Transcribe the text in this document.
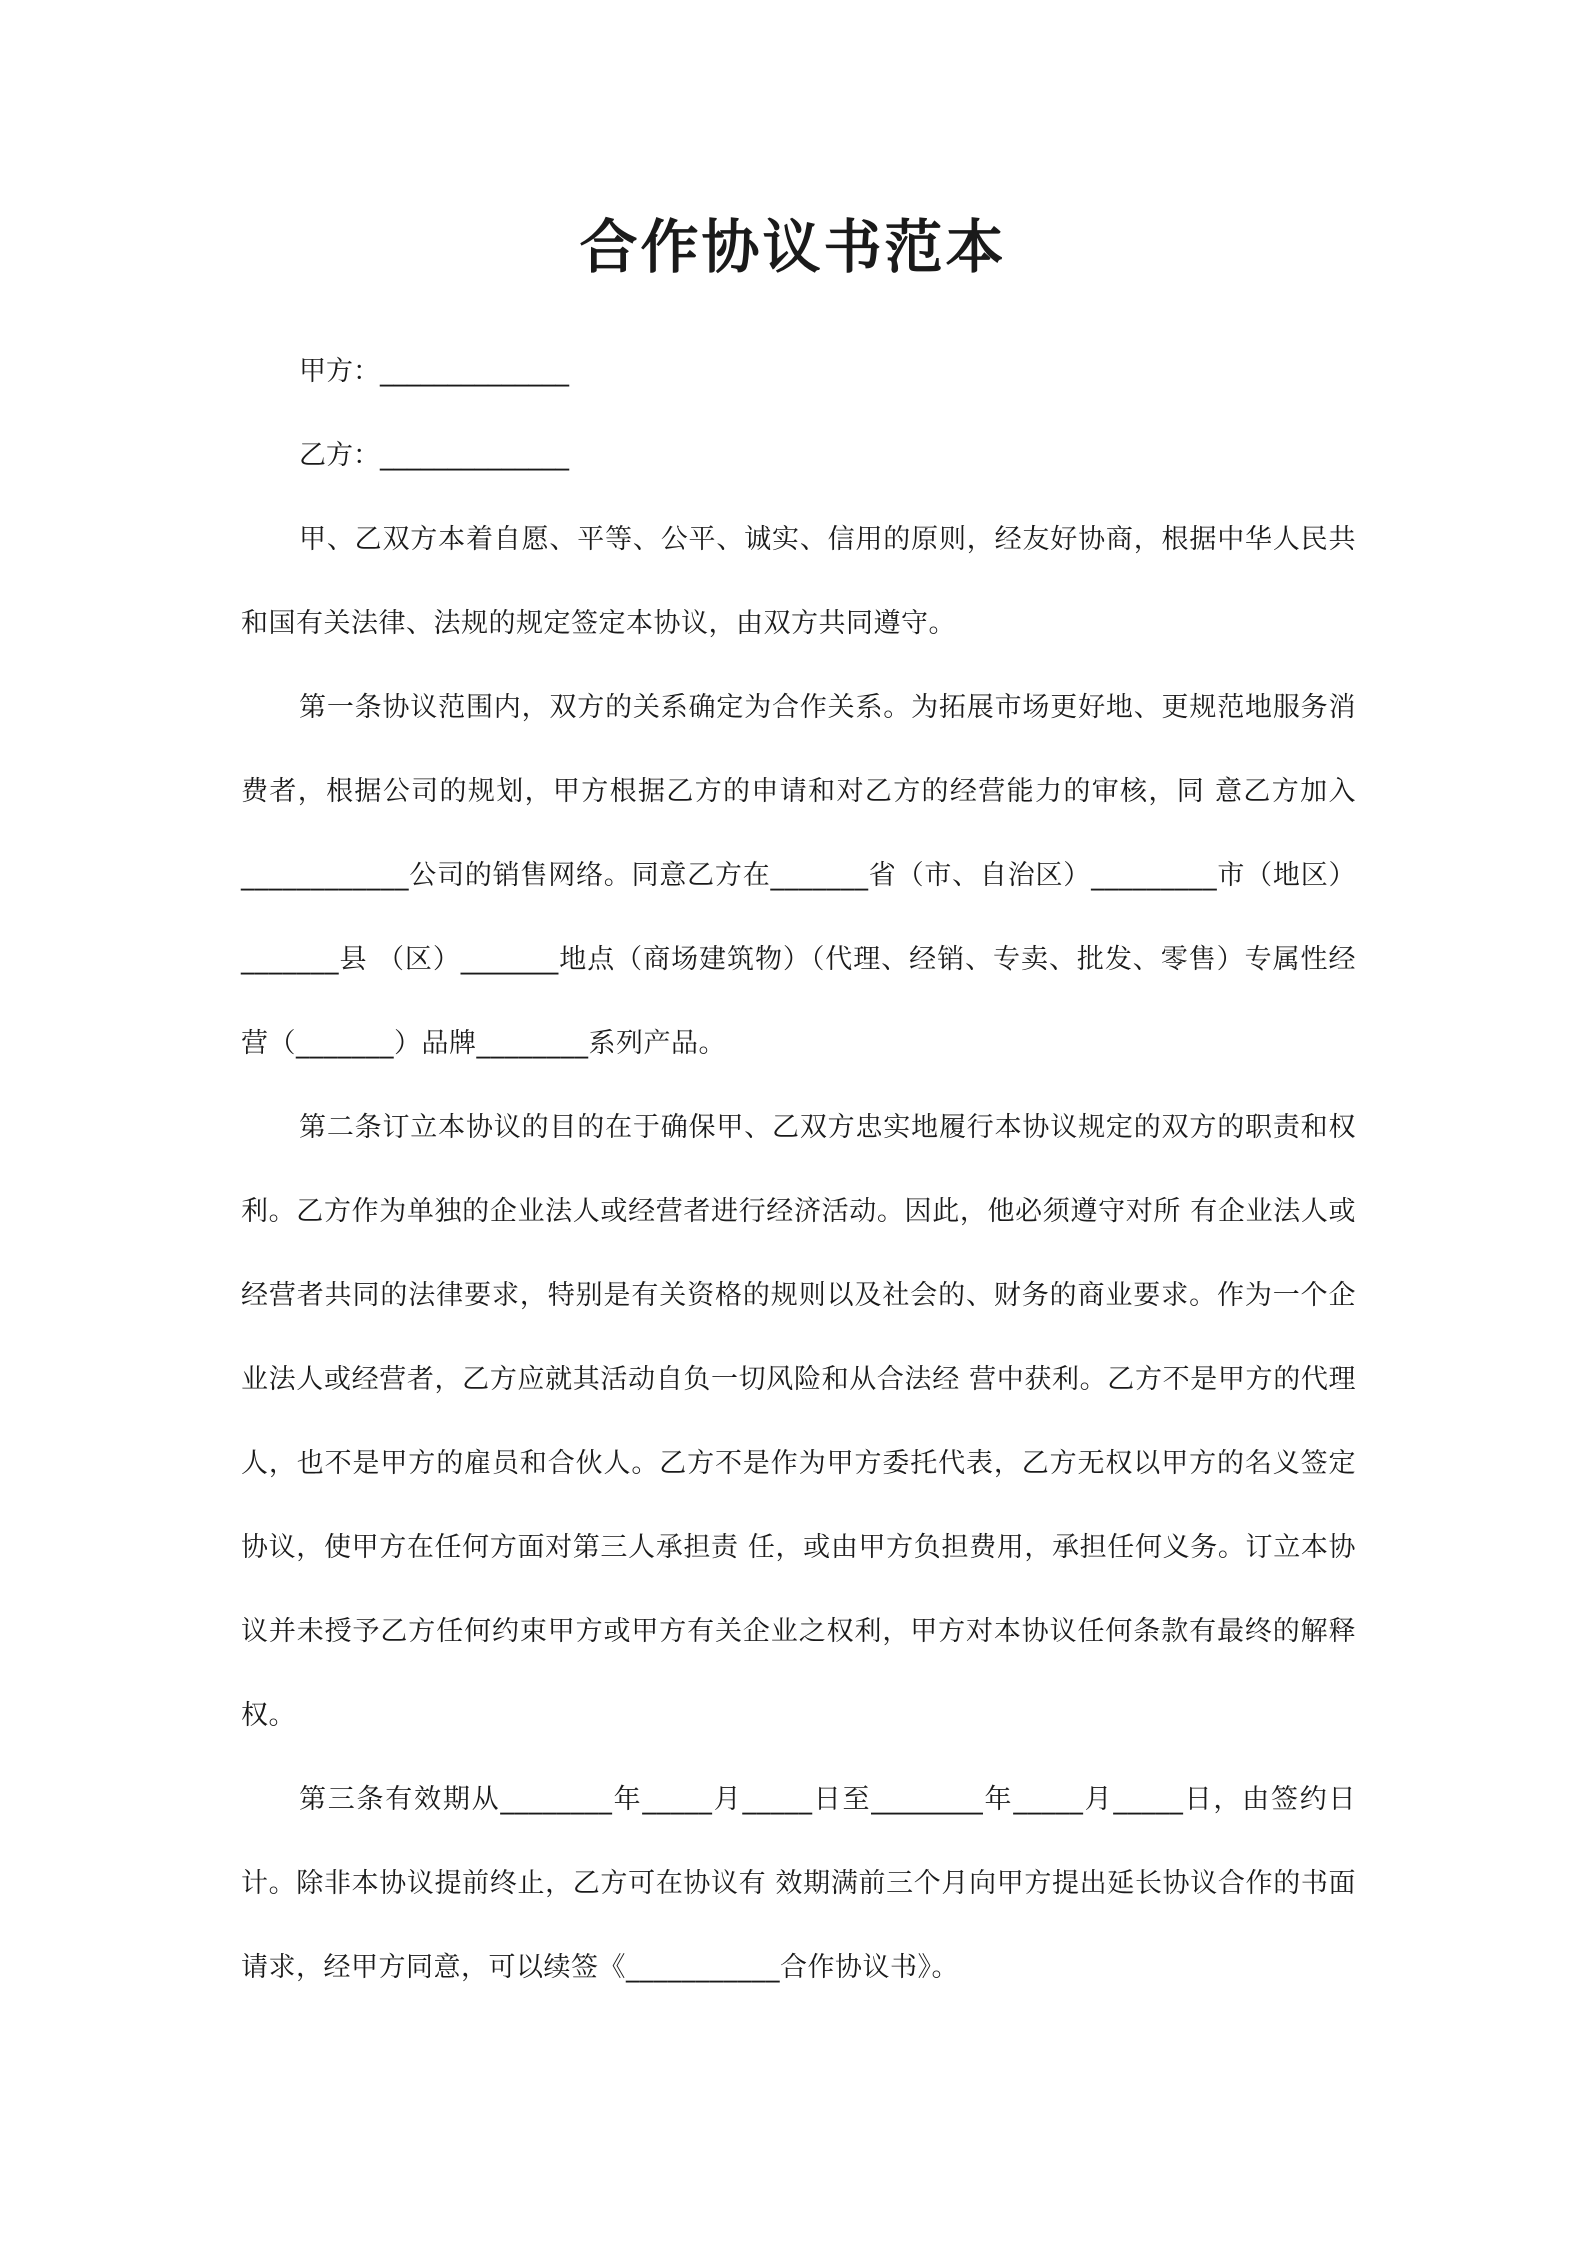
合作协议书范本

甲方：______________

乙方：______________

甲、乙双方本着自愿、平等、公平、诚实、信用的原则，经友好协商，根据中华人民共和国有关法律、法规的规定签定本协议，由双方共同遵守。

第一条协议范围内，双方的关系确定为合作关系。为拓展市场更好地、更规范地服务消费者，根据公司的规划，甲方根据乙方的申请和对乙方的经营能力的审核，同 意乙方加入____________公司的销售网络。同意乙方在_______省（市、自治区）_________市（地区）_______县 （区）_______地点（商场建筑物）（代理、经销、专卖、批发、零售）专属性经营（_______）品牌________系列产品。

第二条订立本协议的目的在于确保甲、乙双方忠实地履行本协议规定的双方的职责和权利。乙方作为单独的企业法人或经营者进行经济活动。因此，他必须遵守对所 有企业法人或经营者共同的法律要求，特别是有关资格的规则以及社会的、财务的商业要求。作为一个企业法人或经营者，乙方应就其活动自负一切风险和从合法经 营中获利。乙方不是甲方的代理人，也不是甲方的雇员和合伙人。乙方不是作为甲方委托代表，乙方无权以甲方的名义签定协议，使甲方在任何方面对第三人承担责 任，或由甲方负担费用，承担任何义务。订立本协议并未授予乙方任何约束甲方或甲方有关企业之权利，甲方对本协议任何条款有最终的解释权。

第三条有效期从________年_____月_____日至________年_____月_____日，由签约日计。除非本协议提前终止，乙方可在协议有 效期满前三个月向甲方提出延长协议合作的书面请求，经甲方同意，可以续签《___________合作协议书》。
